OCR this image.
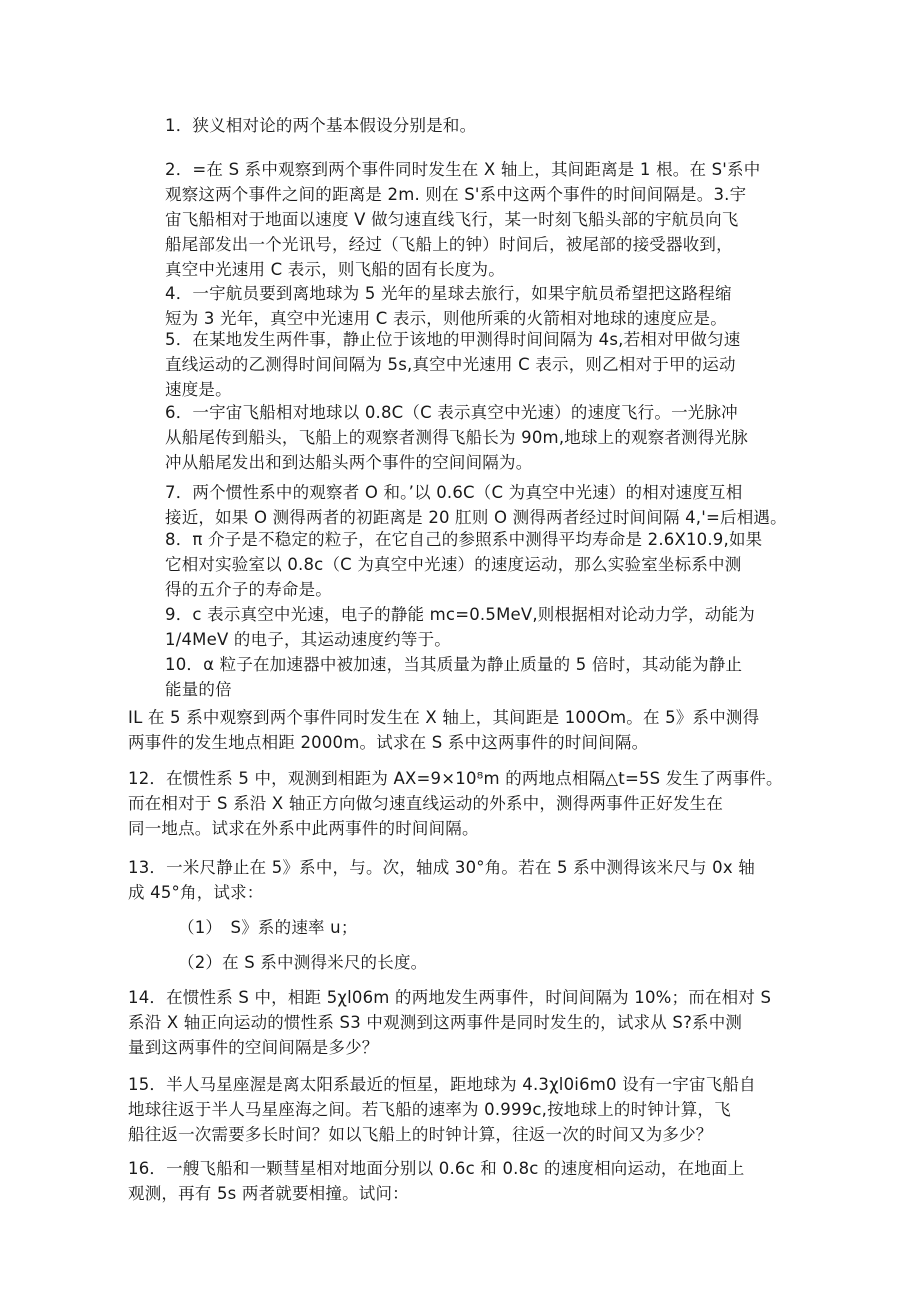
1．狭义相对论的两个基本假设分别是和。
2．=在 S 系中观察到两个事件同时发生在 X 轴上，其间距离是 1 根。在 S'系中
观察这两个事件之间的距离是 2m. 则在 S'系中这两个事件的时间间隔是。3.宇
宙飞船相对于地面以速度 V 做匀速直线飞行，某一时刻飞船头部的宇航员向飞
船尾部发出一个光讯号，经过（飞船上的钟）时间后，被尾部的接受器收到，
真空中光速用 C 表示，则飞船的固有长度为。
4．一宇航员要到离地球为 5 光年的星球去旅行，如果宇航员希望把这路程缩
短为 3 光年，真空中光速用 C 表示，则他所乘的火箭相对地球的速度应是。
5．在某地发生两件事，静止位于该地的甲测得时间间隔为 4s,若相对甲做匀速
直线运动的乙测得时间间隔为 5s,真空中光速用 C 表示，则乙相对于甲的运动
速度是。
6．一宇宙飞船相对地球以 0.8C（C 表示真空中光速）的速度飞行。一光脉冲
从船尾传到船头，飞船上的观察者测得飞船长为 90m,地球上的观察者测得光脉
冲从船尾发出和到达船头两个事件的空间间隔为。
7．两个惯性系中的观察者 O 和。’以 0.6C（C 为真空中光速）的相对速度互相
接近，如果 O 测得两者的初距离是 20 肛则 O 测得两者经过时间间隔 4,'=后相遇。
8．π 介子是不稳定的粒子，在它自己的参照系中测得平均寿命是 2.6X10.9,如果
它相对实验室以 0.8c（C 为真空中光速）的速度运动，那么实验室坐标系中测
得的五介子的寿命是。
9．c 表示真空中光速，电子的静能 mc=0.5MeV,则根据相对论动力学，动能为
1/4MeV 的电子，其运动速度约等于。
10．α 粒子在加速器中被加速，当其质量为静止质量的 5 倍时，其动能为静止
能量的倍
IL 在 5 系中观察到两个事件同时发生在 X 轴上，其间距是 100Om。在 5》系中测得
两事件的发生地点相距 2000m。试求在 S 系中这两事件的时间间隔。
12．在惯性系 5 中，观测到相距为 AX=9×10⁸m 的两地点相隔△t=5S 发生了两事件。
而在相对于 S 系沿 X 轴正方向做匀速直线运动的外系中，测得两事件正好发生在
同一地点。试求在外系中此两事件的时间间隔。
13．一米尺静止在 5》系中，与。次，轴成 30°角。若在 5 系中测得该米尺与 0x 轴
成 45°角，试求：
（1）　S》系的速率 u；
（2）在 S 系中测得米尺的长度。
14．在惯性系 S 中，相距 5χl06m 的两地发生两事件，时间间隔为 10%；而在相对 S
系沿 X 轴正向运动的惯性系 S3 中观测到这两事件是同时发生的，试求从 S?系中测
量到这两事件的空间间隔是多少？
15．半人马星座渥是离太阳系最近的恒星，距地球为 4.3χl0i6m0 设有一宇宙飞船自
地球往返于半人马星座海之间。若飞船的速率为 0.999c,按地球上的时钟计算，飞
船往返一次需要多长时间？如以飞船上的时钟计算，往返一次的时间又为多少？
16．一艘飞船和一颗彗星相对地面分别以 0.6c 和 0.8c 的速度相向运动，在地面上
观测，再有 5s 两者就要相撞。试问：
